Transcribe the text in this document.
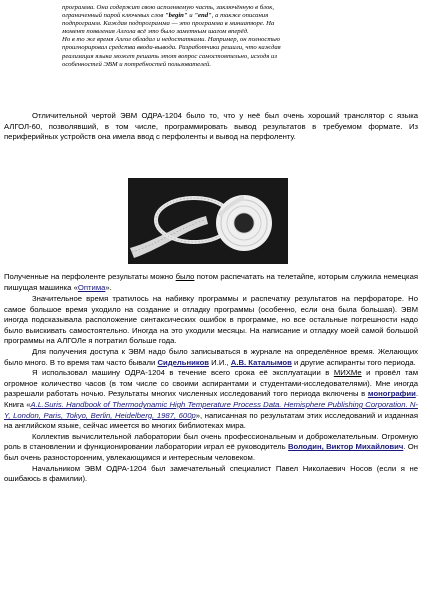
программа. Она содержит свою исполняемую часть, заключённую в блок,
ограниченный парой ключевых слов "begin" и "end", а также описания
подпрограмм. Каждая подпрограмма — это программа в миниатюре. На
момент появления Алгола всё это было заметным шагом вперёд.
Но в то же время Алгол обладал и недостатками. Например, он полностью
проигнорировал средства ввода-вывода. Разработчики решили, что каждая
реализация языка может решать этот вопрос самостоятельно, исходя из
особенностей ЭВМ и потребностей пользователей.

Отличительной чертой ЭВМ ОДРА-1204 было то, что у неё был очень хороший транслятор с языка АЛГОЛ-60, позволявший, в том числе, программировать вывод результатов в требуемом формате. Из периферийных устройств она имела ввод с перфоленты и вывод на перфоленту.

Полученные на перфоленте результаты можно было потом распечатать на телетайпе, которым служила немецкая пишущая машинка «Оптима».

Значительное время тратилось на набивку программы и распечатку результатов на перфораторе. Но самое большое время уходило на создание и отладку программы (особенно, если она была большая). ЭВМ иногда подсказывала расположение синтаксических ошибок в программе, но все остальные погрешности надо было выискивать самостоятельно. Иногда на это уходили месяцы. На написание и отладку моей самой большой программы на АЛГОЛе я потратил больше года.

Для получения доступа к ЭВМ надо было записываться в журнале на определённое время. Желающих было много. В то время там часто бывали Сидельников И.И., А.В. Каталымов и другие аспиранты того периода.

Я использовал машину ОДРА-1204 в течение всего срока её эксплуатации в МИХМе и провёл там огромное количество часов (в том числе со своими аспирантами и студентами-исследователями). Мне иногда разрешали работать ночью. Результаты многих численных исследований того периода включены в монографии. Книга «A.L.Suris. Handbook of Thermodynamic High Temperature Process Data. Hemisphere Publishing Corporation. N-Y, London, Paris, Tokyo, Berlin, Heidelberg, 1987, 600p», написанная по результатам этих исследований и изданная на английском языке, сейчас имеется во многих библиотеках мира.

Коллектив вычислительной лаборатории был очень профессиональным и доброжелательным. Огромную роль в становлении и функционировании лаборатории играл её руководитель Володин, Виктор Михайлович. Он был очень разносторонним, увлекающимся и интересным человеком.

Начальником ЭВМ ОДРА-1204 был замечательный специалист Павел Николаевич Носов (если я не ошибаюсь в фамилии).
